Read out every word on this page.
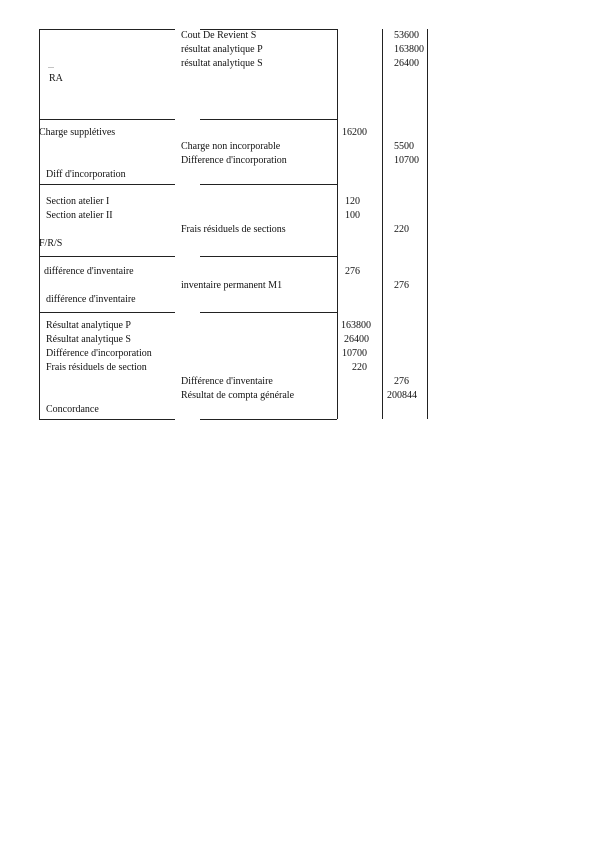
Cout De Revient S	53600
résultat analytique P	163800
résultat analytique S	26400
...
RA
Charge supplétives	16200
Charge non incorporable	5500
Difference d'incorporation	10700
Diff d'incorporation
Section atelier I	120
Section atelier II	100
Frais résiduels de sections	220
F/R/S
différence d'inventaire	276
inventaire permanent M1	276
différence d'inventaire
Résultat analytique P	163800
Résultat analytique S	26400
Différence d'incorporation	10700
Frais résiduels de section	220
Différence d'inventaire	276
Résultat de compta générale	200844
Concordance
